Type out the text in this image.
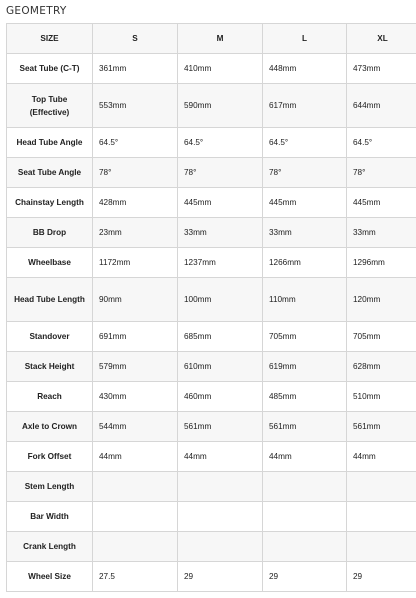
GEOMETRY
SIZE	S	M	L	XL
Seat Tube (C-T)	361mm	410mm	448mm	473mm
Top Tube (Effective)	553mm	590mm	617mm	644mm
Head Tube Angle	64.5°	64.5°	64.5°	64.5°
Seat Tube Angle	78°	78°	78°	78°
Chainstay Length	428mm	445mm	445mm	445mm
BB Drop	23mm	33mm	33mm	33mm
Wheelbase	1172mm	1237mm	1266mm	1296mm
Head Tube Length	90mm	100mm	110mm	120mm
Standover	691mm	685mm	705mm	705mm
Stack Height	579mm	610mm	619mm	628mm
Reach	430mm	460mm	485mm	510mm
Axle to Crown	544mm	561mm	561mm	561mm
Fork Offset	44mm	44mm	44mm	44mm
Stem Length				
Bar Width				
Crank Length				
Wheel Size	27.5	29	29	29
